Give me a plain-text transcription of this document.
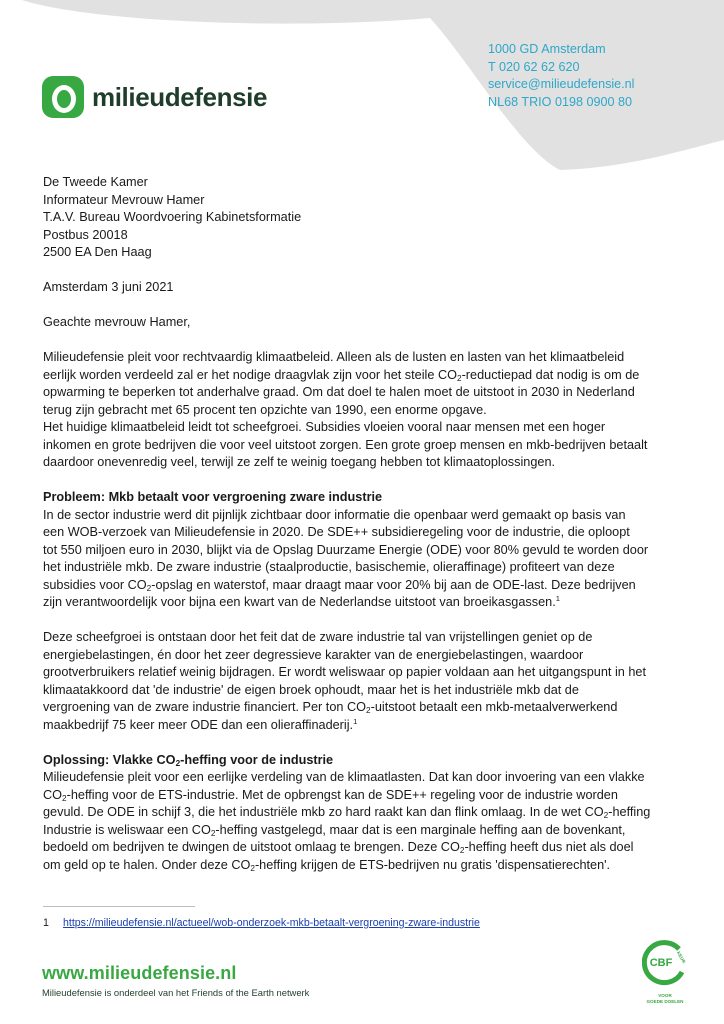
milieudefensie
1000 GD Amsterdam
T 020 62 62 620
service@milieudefensie.nl
NL68 TRIO 0198 0900 80
De Tweede Kamer
Informateur Mevrouw Hamer
T.A.V. Bureau Woordvoering Kabinetsformatie
Postbus 20018
2500 EA Den Haag
Amsterdam 3 juni 2021
Geachte mevrouw Hamer,
Milieudefensie pleit voor rechtvaardig klimaatbeleid. Alleen als de lusten en lasten van het klimaatbeleid
eerlijk worden verdeeld zal er het nodige draagvlak zijn voor het steile $CO_2$-reductiepad dat nodig is om de
opwarming te beperken tot anderhalve graad. Om dat doel te halen moet de uitstoot in 2030 in Nederland
terug zijn gebracht met 65 procent ten opzichte van 1990, een enorme opgave.
Het huidige klimaatbeleid leidt tot scheefgroei. Subsidies vloeien vooral naar mensen met een hoger
inkomen en grote bedrijven die voor veel uitstoot zorgen. Een grote groep mensen en mkb-bedrijven betaalt
daardoor onevenredig veel, terwijl ze zelf te weinig toegang hebben tot klimaatoplossingen.
Probleem: Mkb betaalt voor vergroening zware industrie
In de sector industrie werd dit pijnlijk zichtbaar door informatie die openbaar werd gemaakt op basis van
een WOB-verzoek van Milieudefensie in 2020. De SDE++ subsidieregeling voor de industrie, die oploopt
tot 550 miljoen euro in 2030, blijkt via de Opslag Duurzame Energie (ODE) voor 80% gevuld te worden door
het industriële mkb. De zware industrie (staalproductie, basischemie, olieraffinage) profiteert van deze
subsidies voor $CO_2$-opslag en waterstof, maar draagt maar voor 20% bij aan de ODE-last. Deze bedrijven
zijn verantwoordelijk voor bijna een kwart van de Nederlandse uitstoot van broeikasgassen.$^1$
Deze scheefgroei is ontstaan door het feit dat de zware industrie tal van vrijstellingen geniet op de
energiebelastingen, én door het zeer degressieve karakter van de energiebelastingen, waardoor
grootverbruikers relatief weinig bijdragen. Er wordt weliswaar op papier voldaan aan het uitgangspunt in het
klimaatakkoord dat 'de industrie' de eigen broek ophoudt, maar het is het industriële mkb dat de
vergroening van de zware industrie financiert. Per ton $CO_2$-uitstoot betaalt een mkb-metaalverwerkend
maakbedrijf 75 keer meer ODE dan een olieraffinaderij.$^1$
Oplossing: Vlakke $CO_2$-heffing voor de industrie
Milieudefensie pleit voor een eerlijke verdeling van de klimaatlasten. Dat kan door invoering van een vlakke
$CO_2$-heffing voor de ETS-industrie. Met de opbrengst kan de SDE++ regeling voor de industrie worden
gevuld. De ODE in schijf 3, die het industriële mkb zo hard raakt kan dan flink omlaag. In de wet $CO_2$-heffing
Industrie is weliswaar een $CO_2$-heffing vastgelegd, maar dat is een marginale heffing aan de bovenkant,
bedoeld om bedrijven te dwingen de uitstoot omlaag te brengen. Deze $CO_2$-heffing heeft dus niet als doel
om geld op te halen. Onder deze $CO_2$-heffing krijgen de ETS-bedrijven nu gratis 'dispensatierechten'.
1 https://milieudefensie.nl/actueel/wob-onderzoek-mkb-betaalt-vergroening-zware-industrie
www.milieudefensie.nl
Milieudefensie is onderdeel van het Friends of the Earth netwerk
CBF KEUR
VOOR
GOEDE DOELEN
